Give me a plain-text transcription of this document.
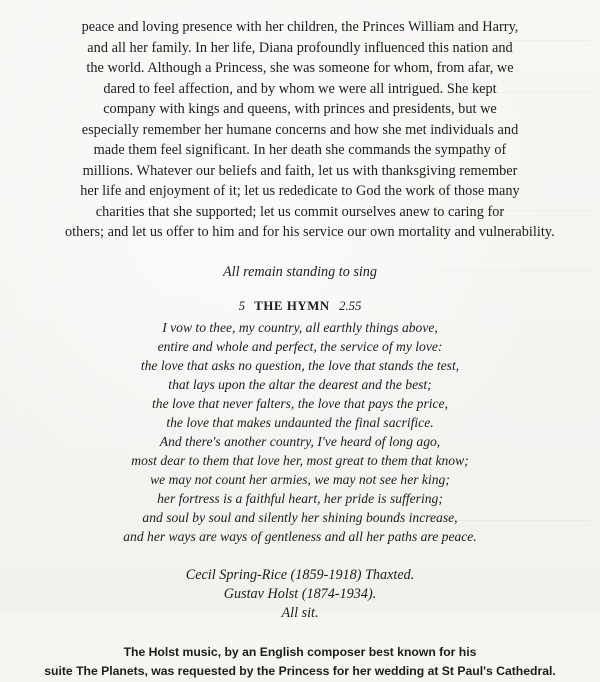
peace and loving presence with her children, the Princes William and Harry,
and all her family. In her life, Diana profoundly influenced this nation and
the world. Although a Princess, she was someone for whom, from afar, we
dared to feel affection, and by whom we were all intrigued. She kept
company with kings and queens, with princes and presidents, but we
especially remember her humane concerns and how she met individuals and
made them feel significant. In her death she commands the sympathy of
millions. Whatever our beliefs and faith, let us with thanksgiving remember
her life and enjoyment of it; let us rededicate to God the work of those many
charities that she supported; let us commit ourselves anew to caring for
others; and let us offer to him and for his service our own mortality and vulnerability.
All remain standing to sing
5 THE HYMN 2.55
I vow to thee, my country, all earthly things above,
entire and whole and perfect, the service of my love:
the love that asks no question, the love that stands the test,
that lays upon the altar the dearest and the best;
the love that never falters, the love that pays the price,
the love that makes undaunted the final sacrifice.
And there's another country, I've heard of long ago,
most dear to them that love her, most great to them that know;
we may not count her armies, we may not see her king;
her fortress is a faithful heart, her pride is suffering;
and soul by soul and silently her shining bounds increase,
and her ways are ways of gentleness and all her paths are peace.
Cecil Spring-Rice (1859-1918) Thaxted.
Gustav Holst (1874-1934).
All sit.
The Holst music, by an English composer best known for his
suite The Planets, was requested by the Princess for her wedding at St Paul's Cathedral.
